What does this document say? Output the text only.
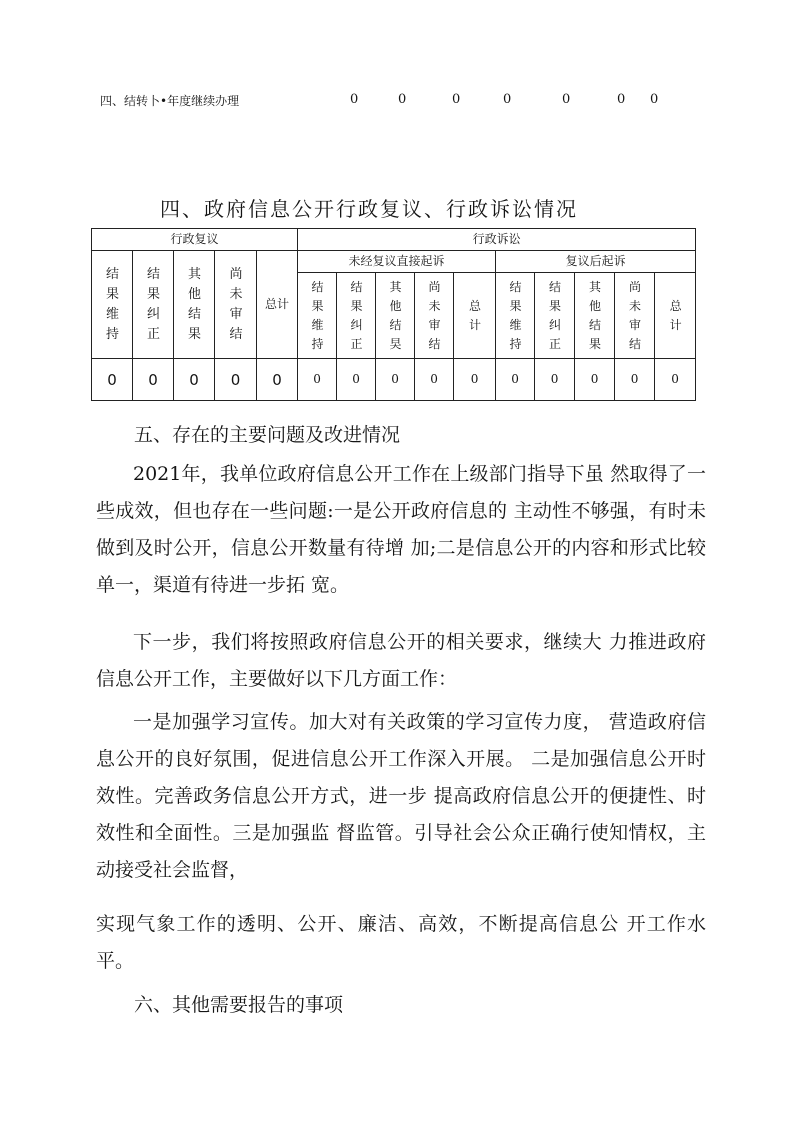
四、结转卜•年度继续办理	0	0	0	0	0	0 0
四、政府信息公开行政复议、行政诉讼情况
行政复议					行政诉讼									
结果维持	结果纠正	其他结果	尚未审结	总计	未经复议直接起诉					复议后起诉				
					结果维持	结果纠正	其他结旲	尚未审结	总计	结果维持	结果纠正	其他结果	尚未审结	总计
0	0	0	0	0	0	0	0	0	0	0	0	0	0	0

五、存在的主要问题及改进情况

2021年，我单位政府信息公开工作在上级部门指导下虽 然取得了一些成效，但也存在一些问题:一是公开政府信息的 主动性不够强，有时未做到及时公开，信息公开数量有待增 加;二是信息公开的内容和形式比较单一，渠道有待进一步拓 宽。

下一步，我们将按照政府信息公开的相关要求，继续大 力推进政府信息公开工作，主要做好以下几方面工作：

一是加强学习宣传。加大对有关政策的学习宣传力度， 营造政府信息公开的良好氛围，促进信息公开工作深入开展。 二是加强信息公开时效性。完善政务信息公开方式，进一步 提高政府信息公开的便捷性、时效性和全面性。三是加强监 督监管。引导社会公众正确行使知情权，主动接受社会监督，

实现气象工作的透明、公开、廉洁、高效，不断提高信息公 开工作水平。

六、其他需要报告的事项
